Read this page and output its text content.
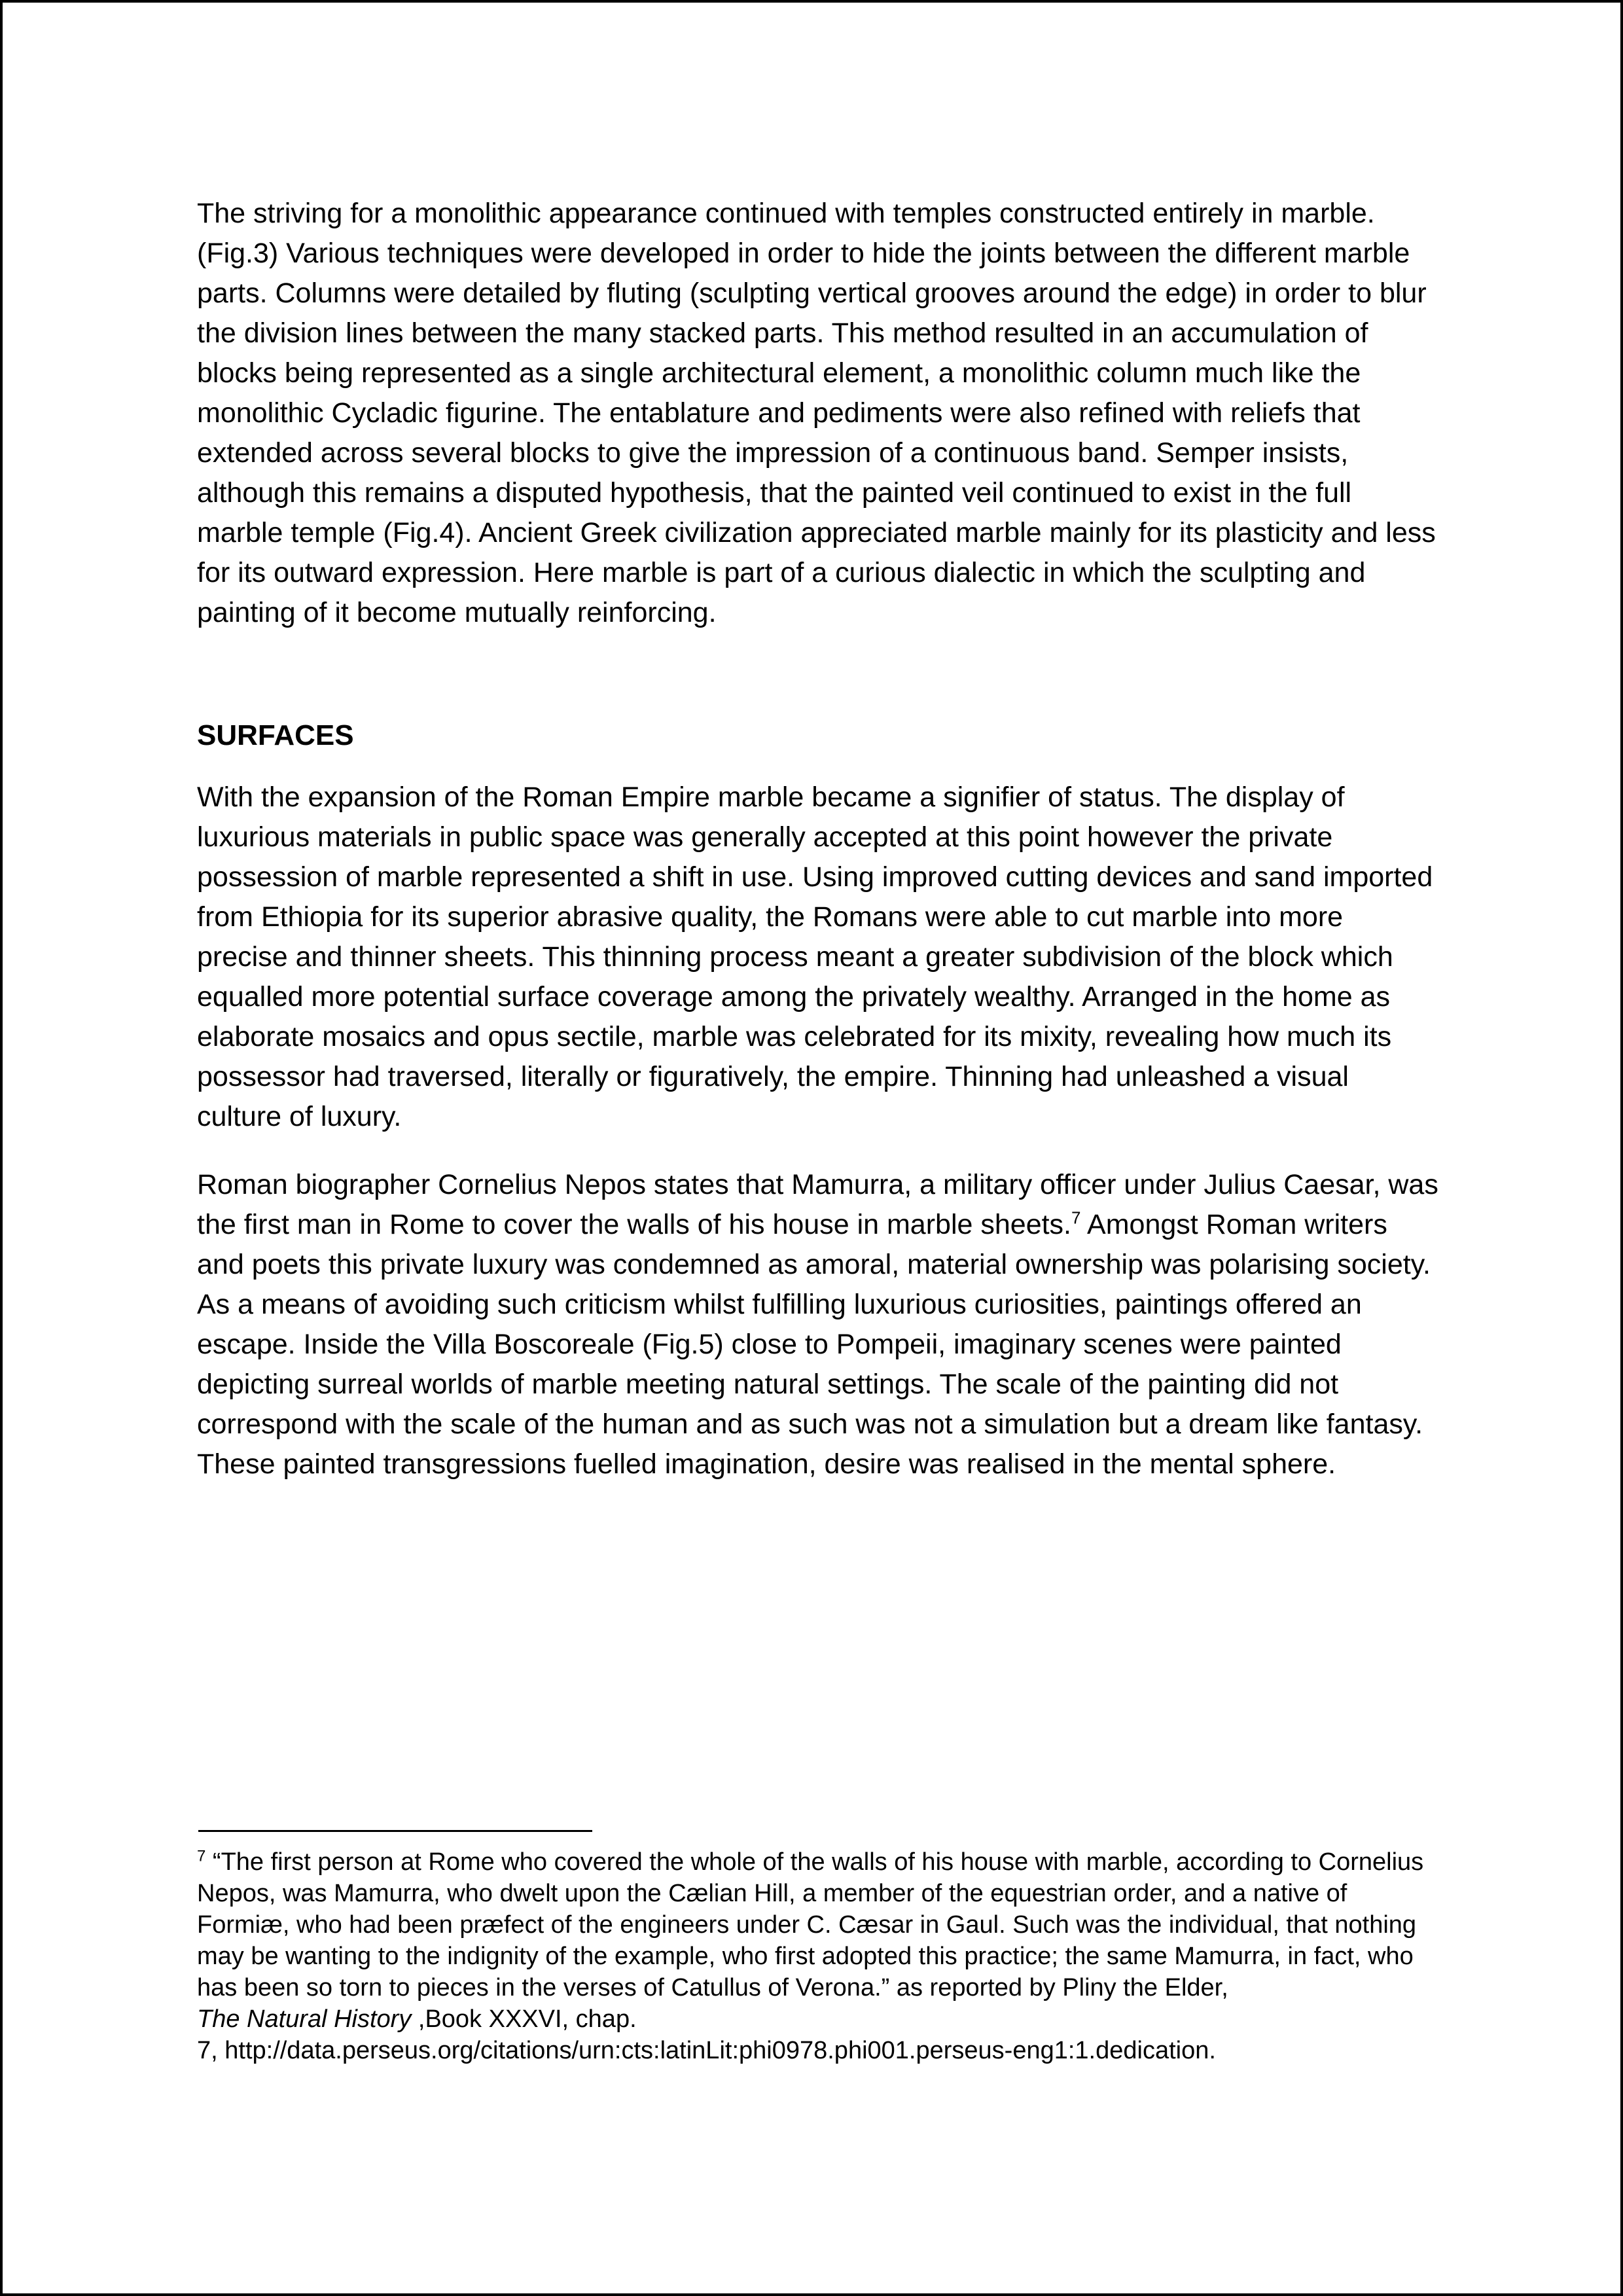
The striving for a monolithic appearance continued with temples constructed entirely in marble. (Fig.3) Various techniques were developed in order to hide the joints between the different marble parts. Columns were detailed by fluting (sculpting vertical grooves around the edge) in order to blur the division lines between the many stacked parts. This method resulted in an accumulation of blocks being represented as a single architectural element, a monolithic column much like the monolithic Cycladic figurine. The entablature and pediments were also refined with reliefs that extended across several blocks to give the impression of a continuous band. Semper insists, although this remains a disputed hypothesis, that the painted veil continued to exist in the full marble temple (Fig.4). Ancient Greek civilization appreciated marble mainly for its plasticity and less for its outward expression. Here marble is part of a curious dialectic in which the sculpting and painting of it become mutually reinforcing.

SURFACES

With the expansion of the Roman Empire marble became a signifier of status. The display of luxurious materials in public space was generally accepted at this point however the private possession of marble represented a shift in use. Using improved cutting devices and sand imported from Ethiopia for its superior abrasive quality, the Romans were able to cut marble into more precise and thinner sheets. This thinning process meant a greater subdivision of the block which equalled more potential surface coverage among the privately wealthy. Arranged in the home as elaborate mosaics and opus sectile, marble was celebrated for its mixity, revealing how much its possessor had traversed, literally or figuratively, the empire. Thinning had unleashed a visual culture of luxury.

Roman biographer Cornelius Nepos states that Mamurra, a military officer under Julius Caesar, was the first man in Rome to cover the walls of his house in marble sheets.$^7$ Amongst Roman writers and poets this private luxury was condemned as amoral, material ownership was polarising society. As a means of avoiding such criticism whilst fulfilling luxurious curiosities, paintings offered an escape. Inside the Villa Boscoreale (Fig.5) close to Pompeii, imaginary scenes were painted depicting surreal worlds of marble meeting natural settings. The scale of the painting did not correspond with the scale of the human and as such was not a simulation but a dream like fantasy. These painted transgressions fuelled imagination, desire was realised in the mental sphere.

$^7$ “The first person at Rome who covered the whole of the walls of his house with marble, according to Cornelius Nepos, was Mamurra, who dwelt upon the Cælian Hill, a member of the equestrian order, and a native of Formiæ, who had been præfect of the engineers under C. Cæsar in Gaul. Such was the individual, that nothing may be wanting to the indignity of the example, who first adopted this practice; the same Mamurra, in fact, who has been so torn to pieces in the verses of Catullus of Verona.” as reported by Pliny the Elder,
The Natural History ,Book XXXVI, chap.
7, http://data.perseus.org/citations/urn:cts:latinLit:phi0978.phi001.perseus-eng1:1.dedication.
